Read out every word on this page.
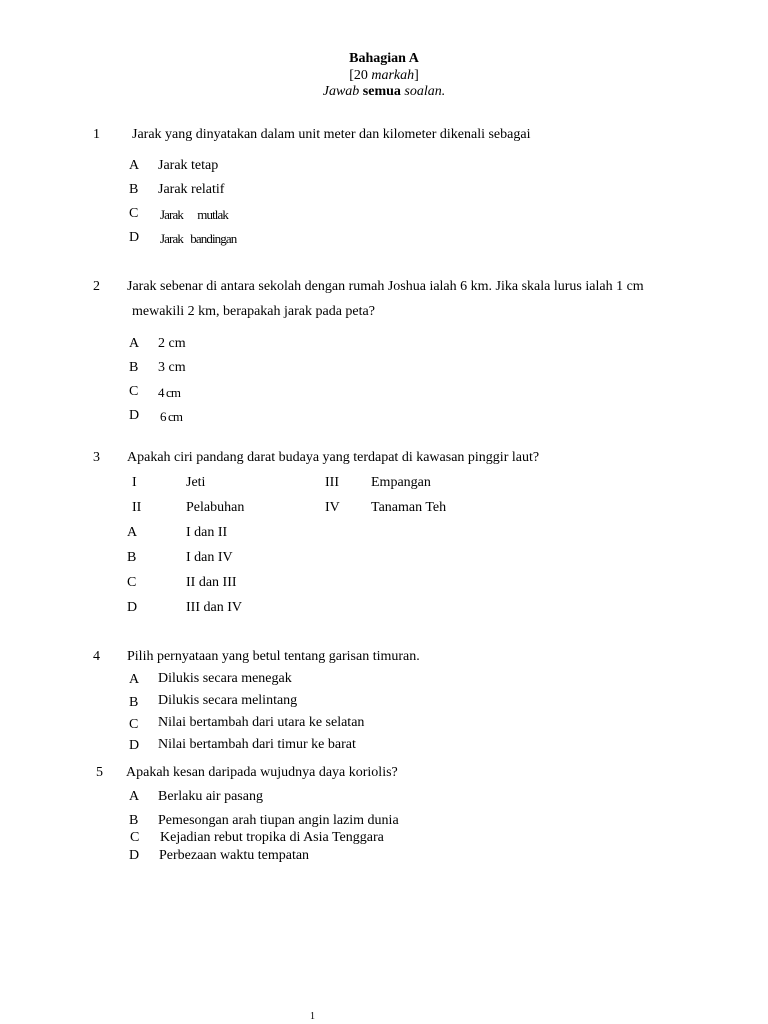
Bahagian A
[20 markah]
Jawab semua soalan.
1 Jarak yang dinyatakan dalam unit meter dan kilometer dikenali sebagai
A Jarak tetap
B Jarak relatif
C Jarak mutlak
D Jarak bandingan
2 Jarak sebenar di antara sekolah dengan rumah Joshua ialah 6 km. Jika skala lurus ialah 1 cm
mewakili 2 km, berapakah jarak pada peta?
A 2 cm
B 3 cm
C 4 cm
D 6 cm
3 Apakah ciri pandang darat budaya yang terdapat di kawasan pinggir laut?
I	Jeti	III Empangan
II	Pelabuhan	IV Tanaman Teh
A	I dan II
B	I dan IV
C	II dan III
D	III dan IV
4 Pilih pernyataan yang betul tentang garisan timuran.
A Dilukis secara menegak
B Dilukis secara melintang
C Nilai bertambah dari utara ke selatan
D Nilai bertambah dari timur ke barat
5 Apakah kesan daripada wujudnya daya koriolis?
A Berlaku air pasang
B Pemesongan arah tiupan angin lazim dunia
C Kejadian rebut tropika di Asia Tenggara
D Perbezaan waktu tempatan
1
